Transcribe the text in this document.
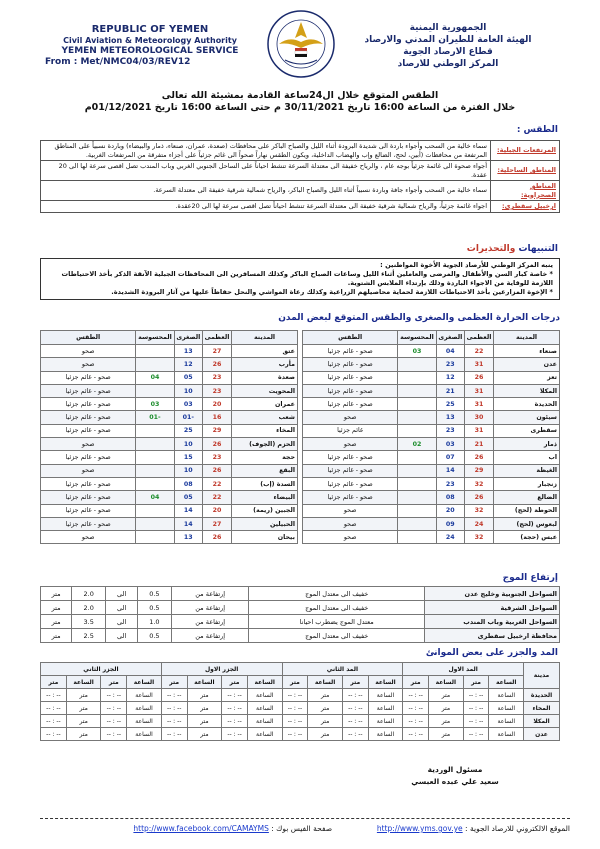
REPUBLIC OF YEMEN
Civil Aviation & Meteorology Authority
YEMEN METEOROLOGICAL SERVICE
From : Met/NMC04/03/REV12
الجمهورية اليمنية
الهيئة العامة للطيران المدني والارصاد
قطاع الارصاد الجوية
المركز الوطني للارصاد
الطقس المتوقع خلال ال24ساعة القادمة بمشيئة الله تعالى
خلال الفترة من الساعة 16:00 تاريخ 30/11/2021 م حتى الساعة 16:00 تاريخ 01/12/2021م
الطقس :
المرتفعات الجبلية:	سماء خالية من السحب وأجواء باردة الى شديدة البرودة أثناء الليل والصباح الباكر على محافظات (صعدة، عمران، صنعاء، ذمار والبيضاء) وباردة نسبياً على المناطق المرتفعة من محافظات (أبين، لحج، الضالع وإب والهضاب الداخلية، ويكون الطقس نهاراً صحواً الى غائم جزئياً على أجزاء متفرقة من المرتفعات الغربية.
المناطق الساحلية:	أجواء صحوة الى غائمة جزئياً بوجه عام ، والرياح خفيفة الى معتدلة السرعة تنشط احياناً على الساحل الجنوبي الغربي وباب المندب تصل اقصى سرعة لها الى 20 عقدة.
المناطق الصحراوية:	سماء خالية من السحب وأجواء جافة وباردة نسبياً أثناء الليل والصباح الباكر، والرياح شمالية شرقية خفيفة الى معتدلة السرعة.
ارخبيل سقطرى:	اجواء غائمة جزئياً، والرياح شمالية شرقية خفيفة الى معتدلة السرعة تنشط احياناً تصل اقصى سرعة لها الى 20عقدة.
التنبيهات والتحذيرات
ينبه المركز الوطني للأرصاد الجوية الأخوة المواطنين :
* خاصة كبار السن والأطفال والمرضى والعاملين أثناء الليل وساعات الصباح الباكر وكذلك المسافرين الى المحافظات الجبلية الآنفة الذكر بأخذ الاحتياطات اللازمة للوقاية من الاجواء الباردة وذلك بإرتداء الملابس الشتوية.
* الإخوة المزارعين بأخذ الاحتياطات اللازمة لحماية محاصيلهم الزراعية وكذلك رعاة المواشي والنحل حفاظاً عليها من آثار البرودة الشديدة.
درجات الحرارة العظمى والصغرى والطقس المتوقع لبعض المدن
المدينة	العظمى	الصغرى	المحسوسة	الطقس
صنعاء	22	04	03	صحو - غائم جزئيا
عدن	31	23		صحو - غائم جزئيا
تعز	26	12		صحو - غائم جزئيا
المكلا	31	21		صحو - غائم جزئيا
الحديدة	31	25		صحو - غائم جزئيا
سيئون	30	13		صحو
سقطرى	31	23		غائم جزئيا
ذمار	21	03	02	صحو
اب	26	07		صحو - غائم جزئيا
الغيظة	29	14		صحو - غائم جزئيا
زنجبار	32	23		صحو - غائم جزئيا
الضالع	26	08		صحو - غائم جزئيا
الحوطة (لحج)	32	20		صحو
لبعوس (لحج)	24	09		صحو
عبس (حجة)	32	24		صحو
المدينة	العظمى	الصغرى	المحسوسة	الطقس
عتق	27	13		صحو
مأرب	26	12		صحو
صعدة	23	05	04	صحو - غائم جزئيا
المحويت	23	10		صحو - غائم جزئيا
عمران	20	03	03	صحو - غائم جزئيا
شعب	16	-01	-01	صحو - غائم جزئيا
المخاء	29	25		صحو - غائم جزئيا
الحزم (الجوف)	26	10		صحو
حجة	23	15		صحو - غائم جزئيا
البقع	26	10		صحو
السدة (إب)	22	08		صحو - غائم جزئيا
البيضاء	22	05	04	صحو - غائم جزئيا
الجبين (ريمة)	20	14		صحو - غائم جزئيا
الحبيلين	27	14		صحو - غائم جزئيا
بيحان	26	13		صحو
إرتفاع الموج
السواحل الجنوبية وخليج عدن	خفيف الى معتدل الموج	إرتفاعة من	0.5	الى	2.0	متر
السواحل الشرقية	خفيف الى معتدل الموج	إرتفاعة من	0.5	الى	2.0	متر
السواحل الغربية وباب المندب	معتدل الموج يضطرب احيانا	إرتفاعة من	1.0	الى	3.5	متر
محافظة ارخبيل سقطرى	خفيف الى معتدل الموج	إرتفاعة من	0.5	الى	2.5	متر
المد والجزر على بعض الموانئ
مدينة	المد الاول				المد الثاني				الجزر الاول				الجزر الثاني			
	الساعة	متر	الساعة	متر	الساعة	متر	الساعة	متر	الساعة	متر	الساعة	متر	الساعة	متر	الساعة	متر
الحديدة	الساعة	-- : --	متر	-- : --	الساعة	-- : --	متر	-- : --	الساعة	-- : --	متر	-- : --	الساعة	-- : --	متر	-- : --
المخاء	الساعة	-- : --	متر	-- : --	الساعة	-- : --	متر	-- : --	الساعة	-- : --	متر	-- : --	الساعة	-- : --	متر	-- : --
المكلا	الساعة	-- : --	متر	-- : --	الساعة	-- : --	متر	-- : --	الساعة	-- : --	متر	-- : --	الساعة	-- : --	متر	-- : --
عدن	الساعة	-- : --	متر	-- : --	الساعة	-- : --	متر	-- : --	الساعة	-- : --	متر	-- : --	الساعة	-- : --	متر	-- : --
مسئول الوردية
سعيد علي عبده العبسي
الموقع الالكتروني للارصاد الجوية : http://www.yms.gov.ye  صفحة الفيس بوك : http://www.facebook.com/CAMAYMS
